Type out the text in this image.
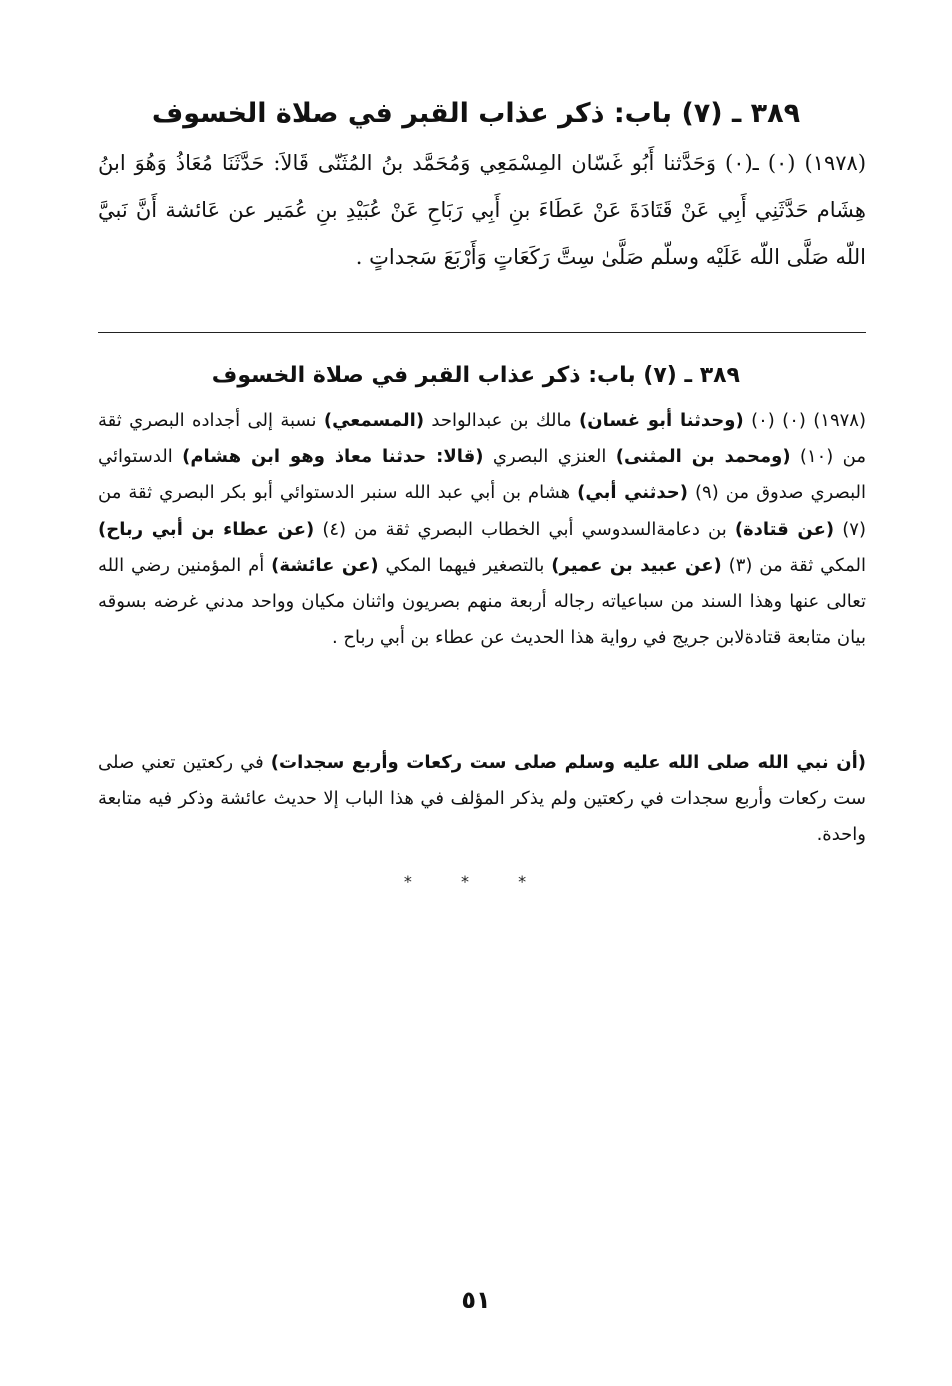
٣٨٩ ـ (٧) باب: ذكر عذاب القبر في صلاة الخسوف

(١٩٧٨) (٠) ـ(٠) وَحَدَّثنا أَبُو غَسّان المِسْمَعِي وَمُحَمَّد بنُ المُثَنّى قَالاَ: حَدَّثَنَا مُعَاذُ وَهُوَ ابنُ هِشَام حَدَّثَنِي أَبِي عَنْ قَتَادَةَ عَنْ عَطَاءَ بنِ أَبِي رَبَاحِ عَنْ عُبَيْدِ بنِ عُمَير عن عَائشة أَنَّ نَبيَّ اللّه صَلَّى اللّه عَلَيْه وسلّم صَلَّىٰ سِتَّ رَكَعَاتٍ وَأَرْبَعَ سَجداتٍ .

٣٨٩ ـ (٧) باب: ذكر عذاب القبر في صلاة الخسوف

(١٩٧٨) (٠) (٠) (وحدثنا أبو غسان) مالك بن عبدالواحد (المسمعي) نسبة إلى أجداده البصري ثقة من (١٠) (ومحمد بن المثنى) العنزي البصري (قالا: حدثنا معاذ وهو ابن هشام) الدستوائي البصري صدوق من (٩) (حدثني أبي) هشام بن أبي عبد الله سنبر الدستوائي أبو بكر البصري ثقة من (٧) (عن قتادة) بن دعامةالسدوسي أبي الخطاب البصري ثقة من (٤) (عن عطاء بن أبي رباح) المكي ثقة من (٣) (عن عبيد بن عمير) بالتصغير فيهما المكي (عن عائشة) أم المؤمنين رضي الله تعالى عنها وهذا السند من سباعياته رجاله أربعة منهم بصريون واثنان مكيان وواحد مدني غرضه بسوقه بيان متابعة قتادةلابن جريج في رواية هذا الحديث عن عطاء بن أبي رباح .

(أن نبي الله صلى الله عليه وسلم صلى ست ركعات وأربع سجدات) في ركعتين تعني صلى ست ركعات وأربع سجدات في ركعتين ولم يذكر المؤلف في هذا الباب إلا حديث عائشة وذكر فيه متابعة واحدة.

* * *

٥١
